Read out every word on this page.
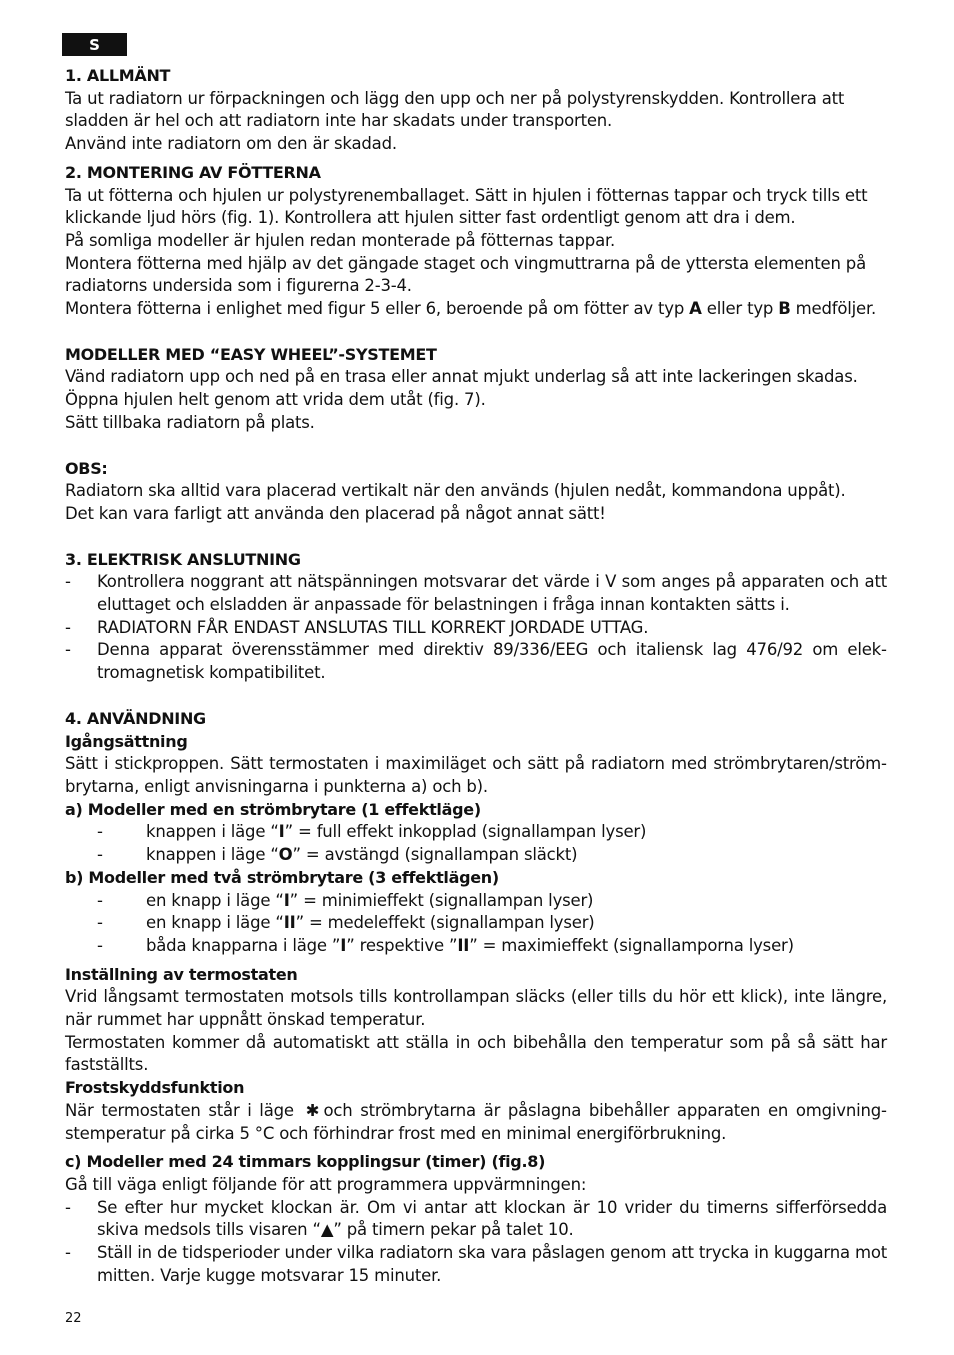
S
1. ALLMÄNT

Ta ut radiatorn ur förpackningen och lägg den upp och ner på polystyrenskydden. Kontrollera att sladden är hel och att radiatorn inte har skadats under transporten.

Använd inte radiatorn om den är skadad.

2. MONTERING AV FÖTTERNA

Ta ut fötterna och hjulen ur polystyrenemballaget. Sätt in hjulen i fötternas tappar och tryck tills ett klickande ljud hörs (fig. 1). Kontrollera att hjulen sitter fast ordentligt genom att dra i dem.

På somliga modeller är hjulen redan monterade på fötternas tappar.

Montera fötterna med hjälp av det gängade staget och vingmuttrarna på de yttersta elementen på radiatorns undersida som i figurerna 2-3-4.

Montera fötterna i enlighet med figur 5 eller 6, beroende på om fötter av typ A eller typ B medföljer.

MODELLER MED “EASY WHEEL”-SYSTEMET

Vänd radiatorn upp och ned på en trasa eller annat mjukt underlag så att inte lackeringen skadas.

Öppna hjulen helt genom att vrida dem utåt (fig. 7).

Sätt tillbaka radiatorn på plats.

OBS:

Radiatorn ska alltid vara placerad vertikalt när den används (hjulen nedåt, kommandona uppåt).

Det kan vara farligt att använda den placerad på något annat sätt!

3. ELEKTRISK ANSLUTNING
- Kontrollera noggrant att nätspänningen motsvarar det värde i V som anges på apparaten och att eluttaget och elsladden är anpassade för belastningen i fråga innan kontakten sätts i.
- RADIATORN FÅR ENDAST ANSLUTAS TILL KORREKT JORDADE UTTAG.
- Denna apparat överensstämmer med direktiv 89/336/EEG och italiensk lag 476/92 om elektromagnetisk kompatibilitet.
4. ANVÄNDNING
Igångsättning

Sätt i stickproppen. Sätt termostaten i maximiläget och sätt på radiatorn med strömbrytaren/strömbrytarna, enligt anvisningarna i punkterna a) och b).

a) Modeller med en strömbrytare (1 effektläge)
-	knappen i läge “I” = full effekt inkopplad (signallampan lyser)
-	knappen i läge “O” = avstängd (signallampan släckt)
b) Modeller med två strömbrytare (3 effektlägen)
-	en knapp i läge “I” = minimieffekt (signallampan lyser)
-	en knapp i läge “II” = medeleffekt (signallampan lyser)
-	båda knapparna i läge ”I” respektive ”II” = maximieffekt (signallamporna lyser)
Inställning av termostaten

Vrid långsamt termostaten motsols tills kontrollampan släcks (eller tills du hör ett klick), inte längre, när rummet har uppnått önskad temperatur.

Termostaten kommer då automatiskt att ställa in och bibehålla den temperatur som på så sätt har fastställts.

Frostskyddsfunktion

När termostaten står i läge ✱ och strömbrytarna är påslagna bibehåller apparaten en omgivningstemperatur på cirka 5 °C och förhindrar frost med en minimal energiförbrukning.

c) Modeller med 24 timmars kopplingsur (timer) (fig.8)

Gå till väga enligt följande för att programmera uppvärmningen:

- Se efter hur mycket klockan är. Om vi antar att klockan är 10 vrider du timerns sifferförsedda skiva medsols tills visaren “▲” på timern pekar på talet 10.
- Ställ in de tidsperioder under vilka radiatorn ska vara påslagen genom att trycka in kuggarna mot mitten. Varje kugge motsvarar 15 minuter.
22
